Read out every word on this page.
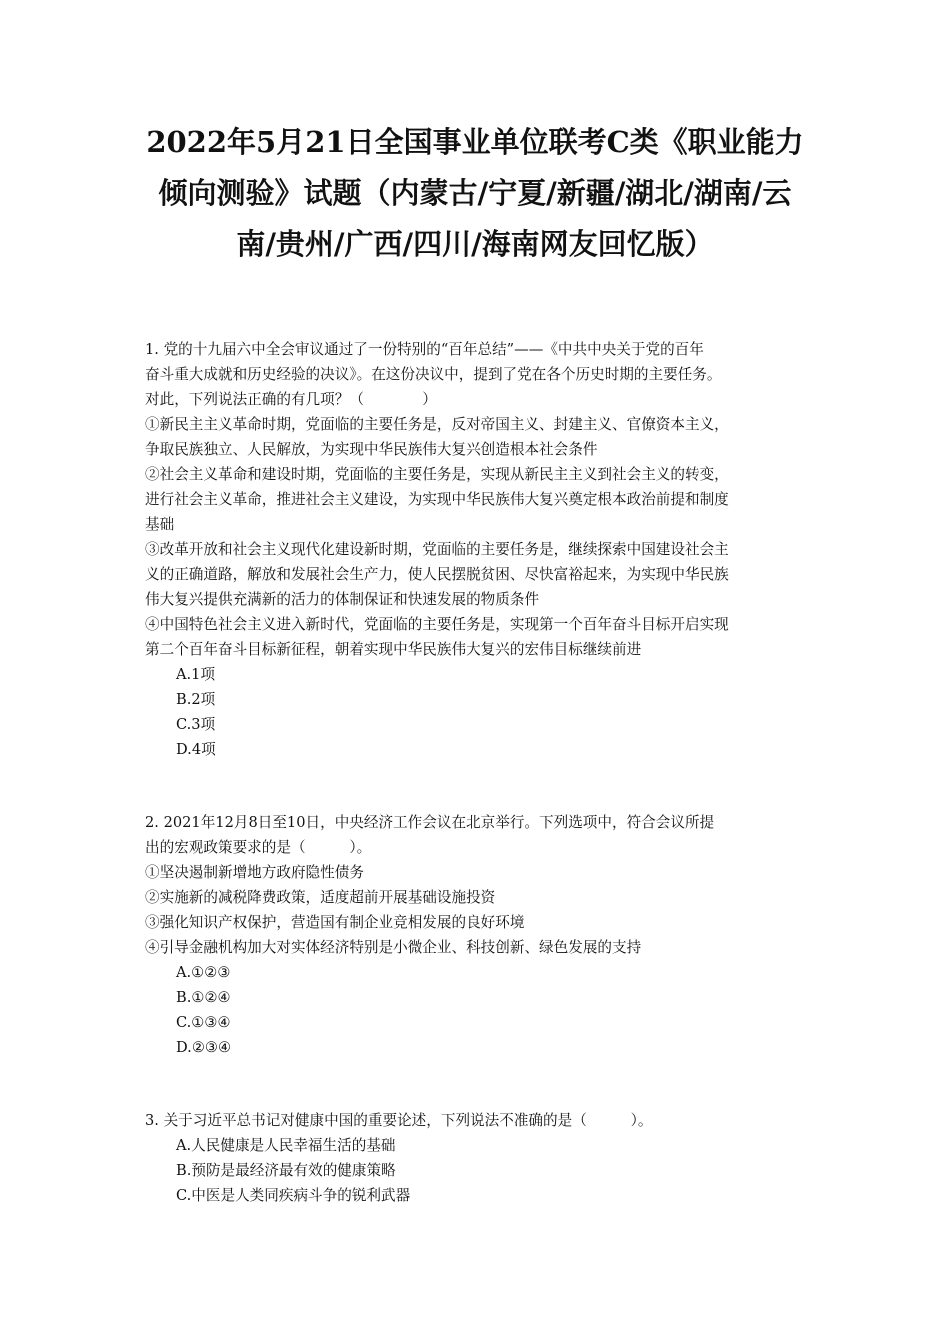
2022年5月21日全国事业单位联考C类《职业能力
倾向测验》试题（内蒙古/宁夏/新疆/湖北/湖南/云
南/贵州/广西/四川/海南网友回忆版）
1. 党的十九届六中全会审议通过了一份特别的“百年总结”——《中共中央关于党的百年
奋斗重大成就和历史经验的决议》。在这份决议中，提到了党在各个历史时期的主要任务。
对此，下列说法正确的有几项？（　　　　）
①新民主主义革命时期，党面临的主要任务是，反对帝国主义、封建主义、官僚资本主义，
争取民族独立、人民解放，为实现中华民族伟大复兴创造根本社会条件
②社会主义革命和建设时期，党面临的主要任务是，实现从新民主主义到社会主义的转变，
进行社会主义革命，推进社会主义建设，为实现中华民族伟大复兴奠定根本政治前提和制度
基础
③改革开放和社会主义现代化建设新时期，党面临的主要任务是，继续探索中国建设社会主
义的正确道路，解放和发展社会生产力，使人民摆脱贫困、尽快富裕起来，为实现中华民族
伟大复兴提供充满新的活力的体制保证和快速发展的物质条件
④中国特色社会主义进入新时代，党面临的主要任务是，实现第一个百年奋斗目标开启实现
第二个百年奋斗目标新征程，朝着实现中华民族伟大复兴的宏伟目标继续前进
A.1项
B.2项
C.3项
D.4项
2. 2021年12月8日至10日，中央经济工作会议在北京举行。下列选项中，符合会议所提
出的宏观政策要求的是（　　　）。
①坚决遏制新增地方政府隐性债务
②实施新的减税降费政策，适度超前开展基础设施投资
③强化知识产权保护，营造国有制企业竞相发展的良好环境
④引导金融机构加大对实体经济特别是小微企业、科技创新、绿色发展的支持
A.①②③
B.①②④
C.①③④
D.②③④
3. 关于习近平总书记对健康中国的重要论述，下列说法不准确的是（　　　）。
A.人民健康是人民幸福生活的基础
B.预防是最经济最有效的健康策略
C.中医是人类同疾病斗争的锐利武器
